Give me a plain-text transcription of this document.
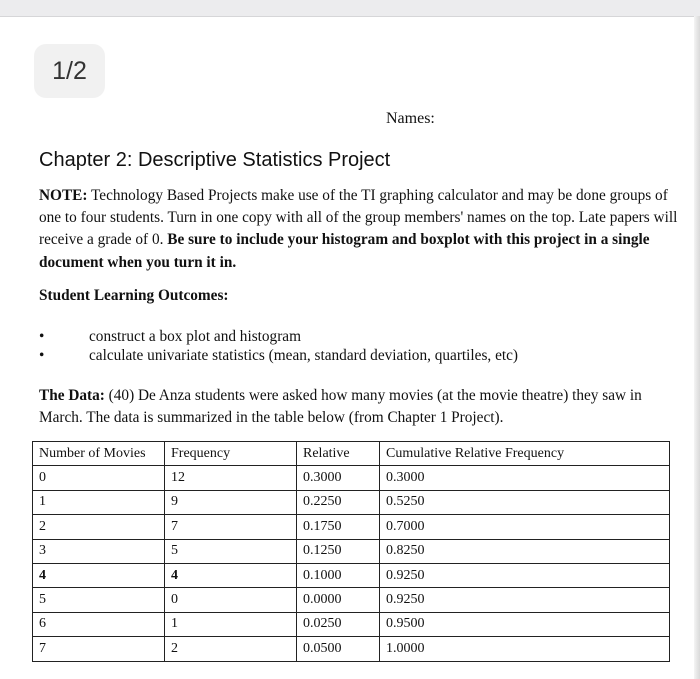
1/2
Names:
Chapter 2: Descriptive Statistics Project

NOTE: Technology Based Projects make use of the TI graphing calculator and may be done groups of one to four students. Turn in one copy with all of the group members' names on the top. Late papers will receive a grade of 0. Be sure to include your histogram and boxplot with this project in a single document when you turn it in.

Student Learning Outcomes:

•	construct a box plot and histogram
•	calculate univariate statistics (mean, standard deviation, quartiles, etc)

The Data: (40) De Anza students were asked how many movies (at the movie theatre) they saw in March. The data is summarized in the table below (from Chapter 1 Project).

Number of Movies	Frequency	Relative	Cumulative Relative Frequency
0	12	0.3000	0.3000
1	9	0.2250	0.5250
2	7	0.1750	0.7000
3	5	0.1250	0.8250
4	4	0.1000	0.9250
5	0	0.0000	0.9250
6	1	0.0250	0.9500
7	2	0.0500	1.0000
